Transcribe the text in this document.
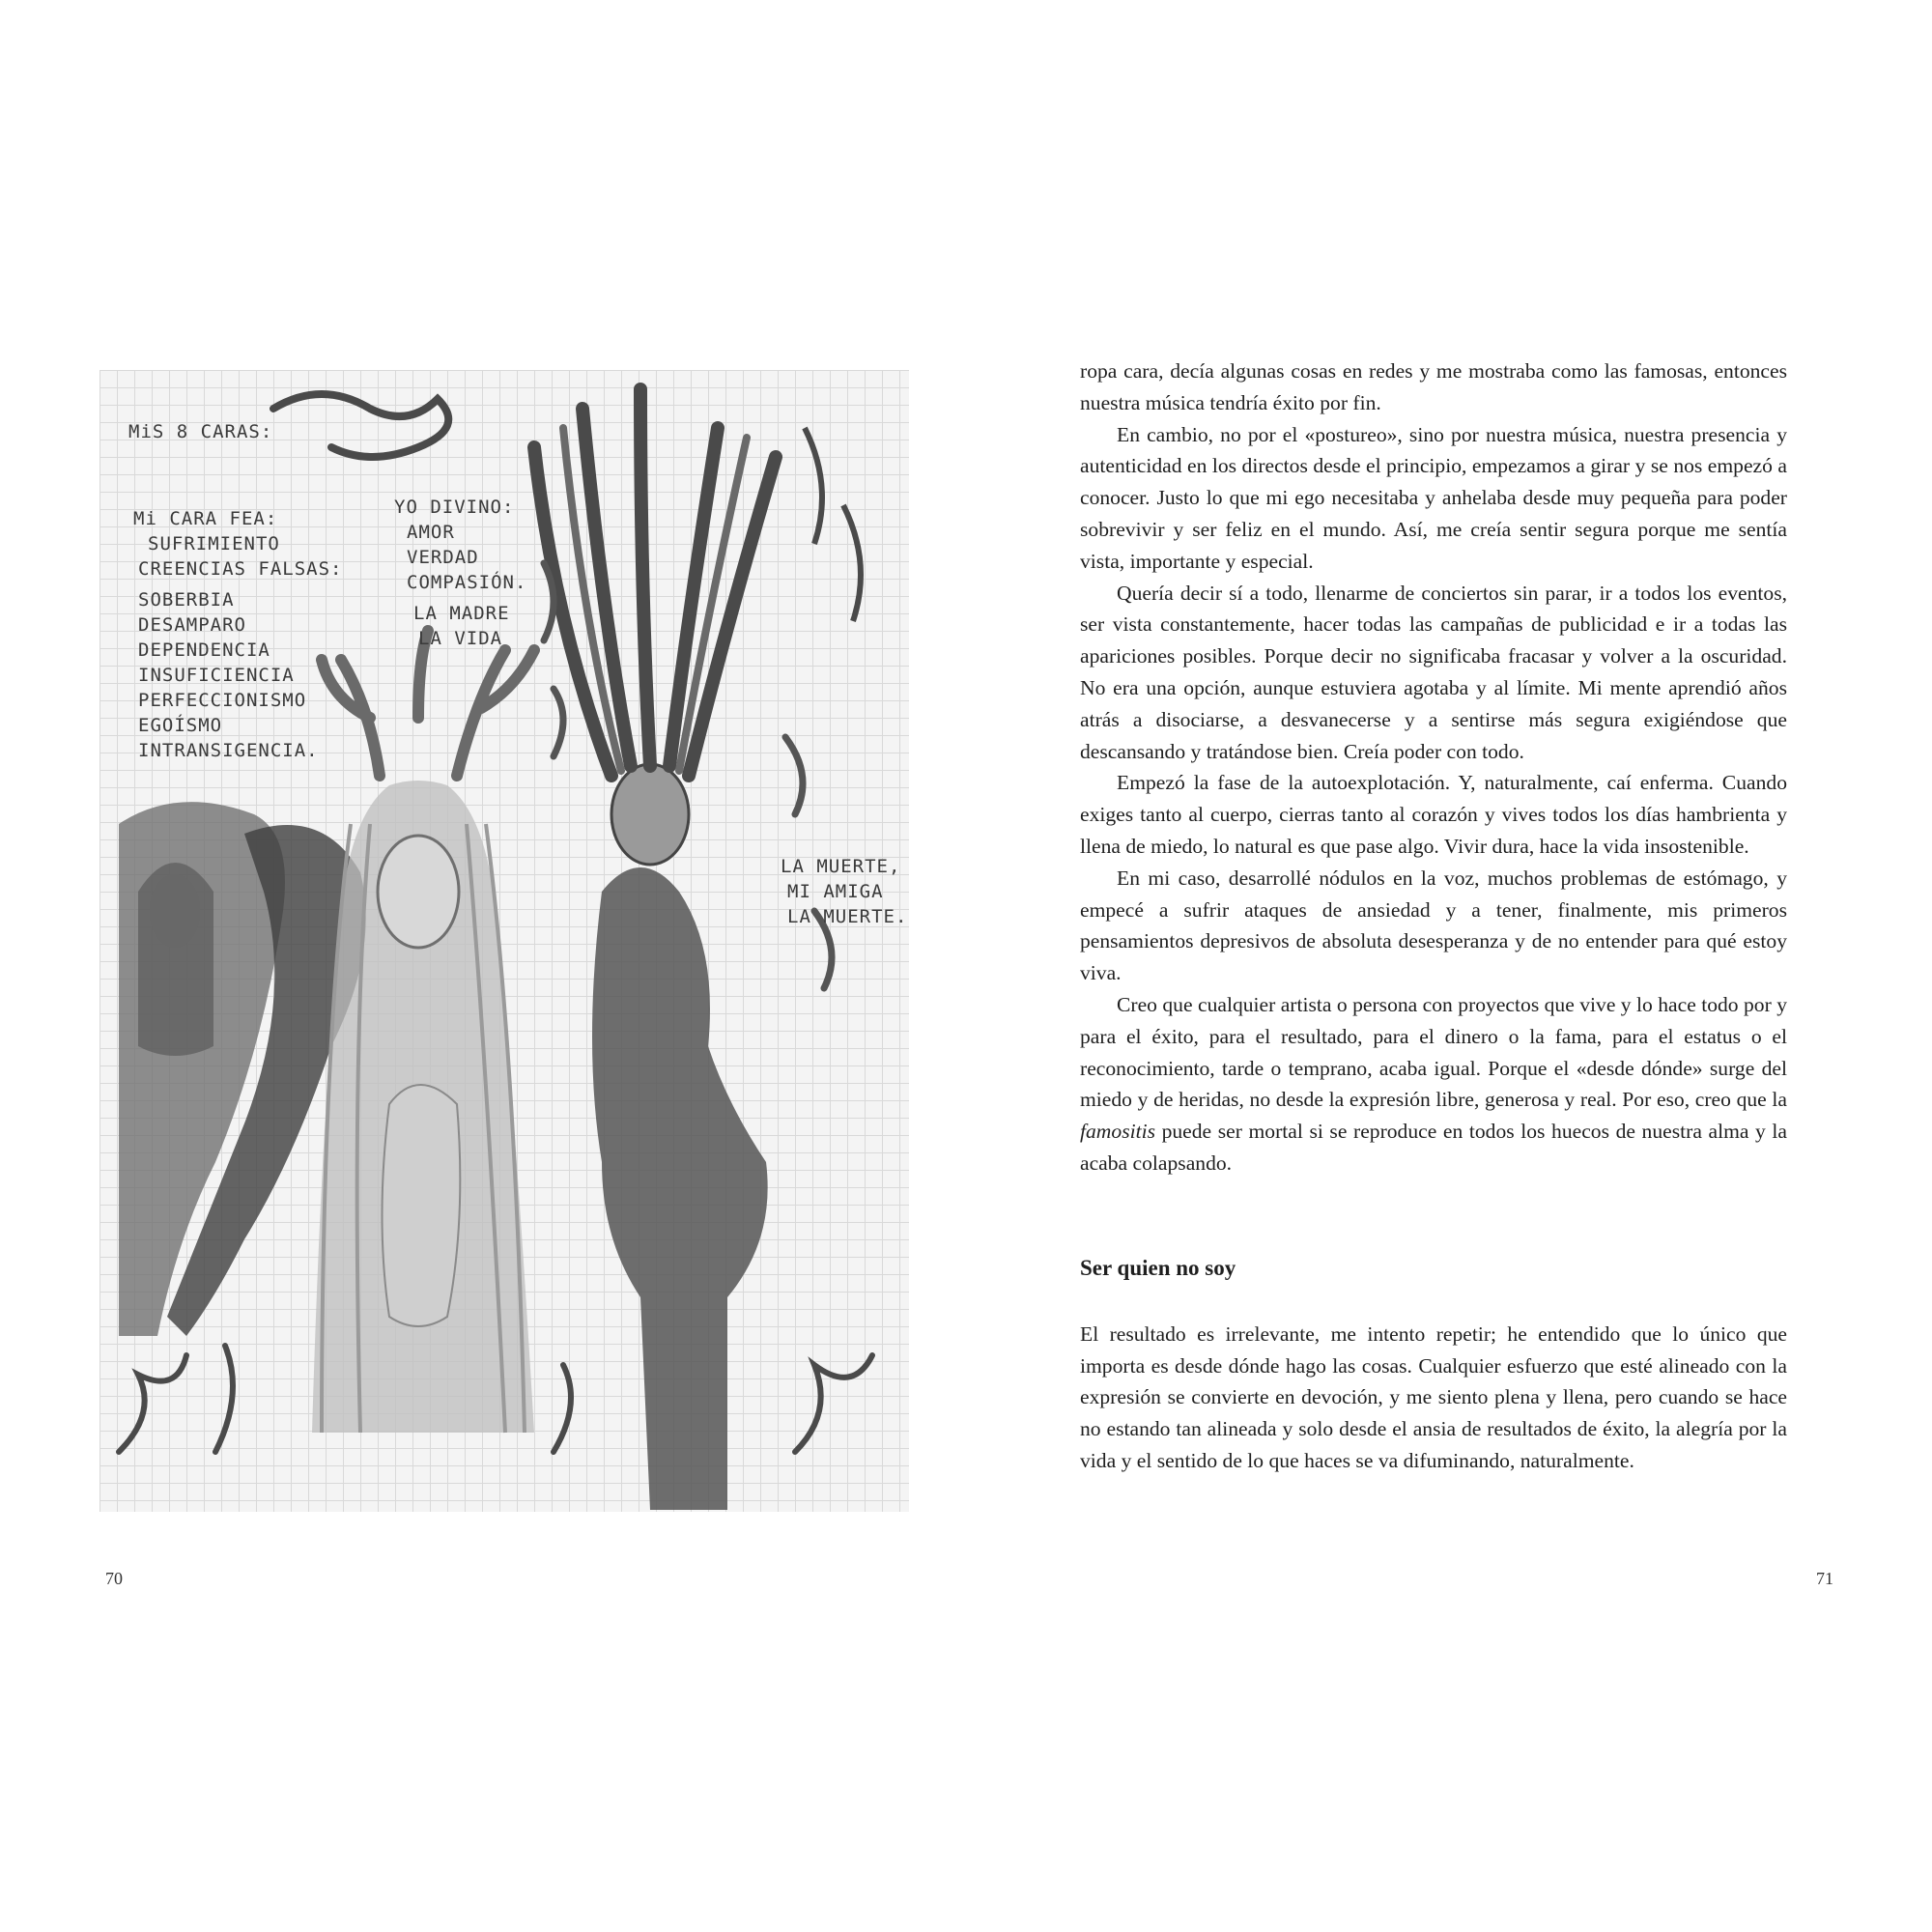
MiS 8 CARAS:
Mi CARA FEA:
SUFRIMIENTO
CREENCIAS FALSAS:
SOBERBIA
DESAMPARO
DEPENDENCIA
INSUFICIENCIA
PERFECCIONISMO
EGOÍSMO
INTRANSIGENCIA.
YO DIVINO:
AMOR
VERDAD
COMPASIÓN.
LA MADRE
LA VIDA
LA MUERTE,
MI AMIGA
LA MUERTE.
70

ropa cara, decía algunas cosas en redes y me mostraba como las famosas, entonces nuestra música tendría éxito por fin.

En cambio, no por el «postureo», sino por nuestra música, nuestra presencia y autenticidad en los directos desde el principio, empezamos a girar y se nos empezó a conocer. Justo lo que mi ego necesitaba y anhelaba desde muy pequeña para poder sobrevivir y ser feliz en el mundo. Así, me creía sentir segura porque me sentía vista, importante y especial.

Quería decir sí a todo, llenarme de conciertos sin parar, ir a todos los eventos, ser vista constantemente, hacer todas las campañas de publicidad e ir a todas las apariciones posibles. Porque decir no significaba fracasar y volver a la oscuridad. No era una opción, aunque estuviera agotaba y al límite. Mi mente aprendió años atrás a disociarse, a desvanecerse y a sentirse más segura exigiéndose que descansando y tratándose bien. Creía poder con todo.

Empezó la fase de la autoexplotación. Y, naturalmente, caí enferma. Cuando exiges tanto al cuerpo, cierras tanto al corazón y vives todos los días hambrienta y llena de miedo, lo natural es que pase algo. Vivir dura, hace la vida insostenible.

En mi caso, desarrollé nódulos en la voz, muchos problemas de estómago, y empecé a sufrir ataques de ansiedad y a tener, finalmente, mis primeros pensamientos depresivos de absoluta desesperanza y de no entender para qué estoy viva.

Creo que cualquier artista o persona con proyectos que vive y lo hace todo por y para el éxito, para el resultado, para el dinero o la fama, para el estatus o el reconocimiento, tarde o temprano, acaba igual. Porque el «desde dónde» surge del miedo y de heridas, no desde la expresión libre, generosa y real. Por eso, creo que la famositis puede ser mortal si se reproduce en todos los huecos de nuestra alma y la acaba colapsando.

Ser quien no soy

El resultado es irrelevante, me intento repetir; he entendido que lo único que importa es desde dónde hago las cosas. Cualquier esfuerzo que esté alineado con la expresión se convierte en devoción, y me siento plena y llena, pero cuando se hace no estando tan alineada y solo desde el ansia de resultados de éxito, la alegría por la vida y el sentido de lo que haces se va difuminando, naturalmente.

71
